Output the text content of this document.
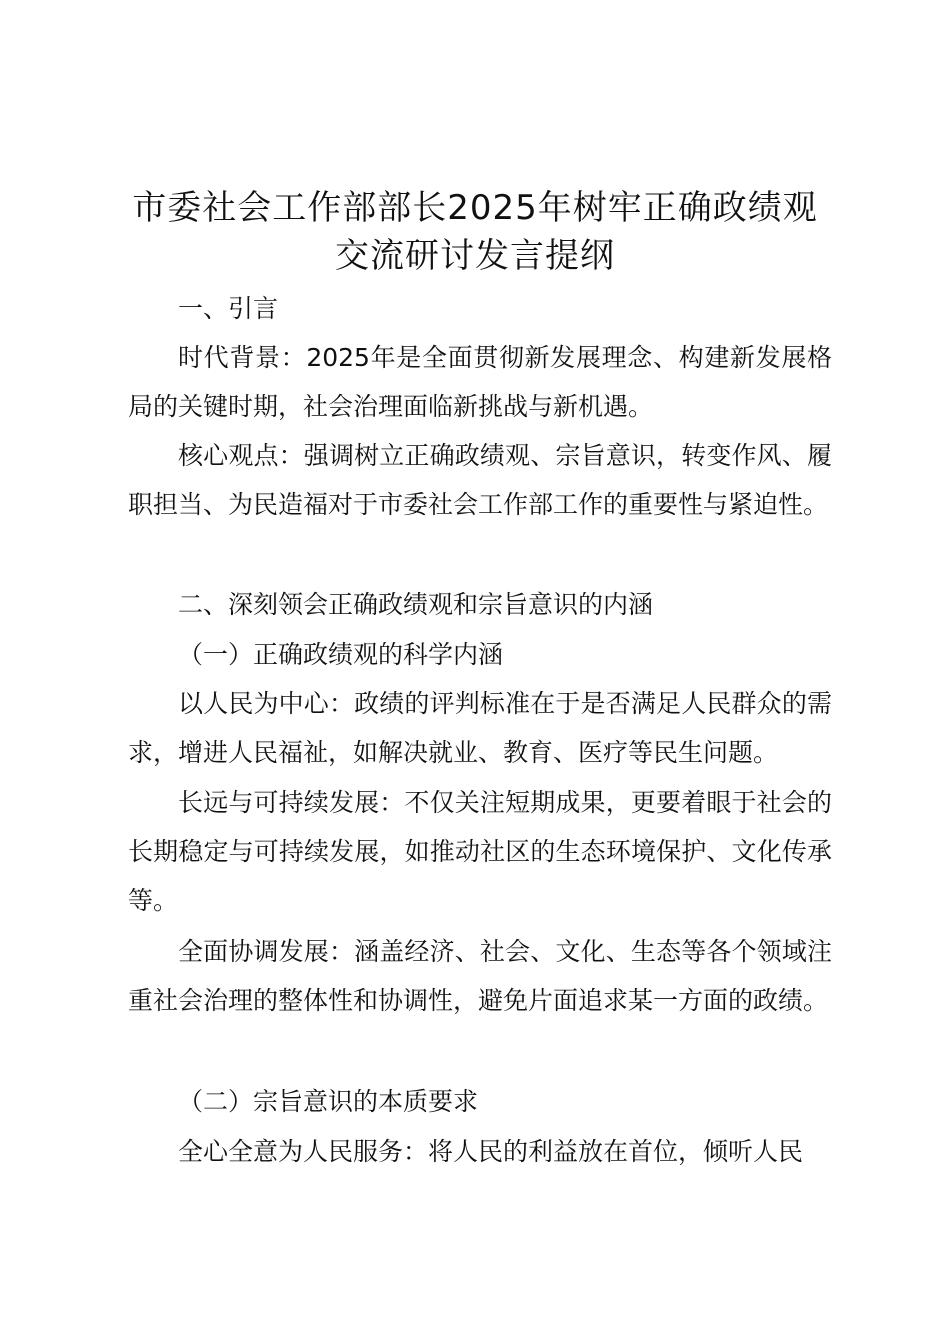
市委社会工作部部长2025年树牢正确政绩观
交流研讨发言提纲
一、引言
时代背景：2025年是全面贯彻新发展理念、构建新发展格局的关键时期，社会治理面临新挑战与新机遇。
核心观点：强调树立正确政绩观、宗旨意识，转变作风、履职担当、为民造福对于市委社会工作部工作的重要性与紧迫性。
二、深刻领会正确政绩观和宗旨意识的内涵
（一）正确政绩观的科学内涵
以人民为中心：政绩的评判标准在于是否满足人民群众的需求，增进人民福祉，如解决就业、教育、医疗等民生问题。
长远与可持续发展：不仅关注短期成果，更要着眼于社会的长期稳定与可持续发展，如推动社区的生态环境保护、文化传承等。
全面协调发展：涵盖经济、社会、文化、生态等各个领域注重社会治理的整体性和协调性，避免片面追求某一方面的政绩。
（二）宗旨意识的本质要求
全心全意为人民服务：将人民的利益放在首位，倾听人民
